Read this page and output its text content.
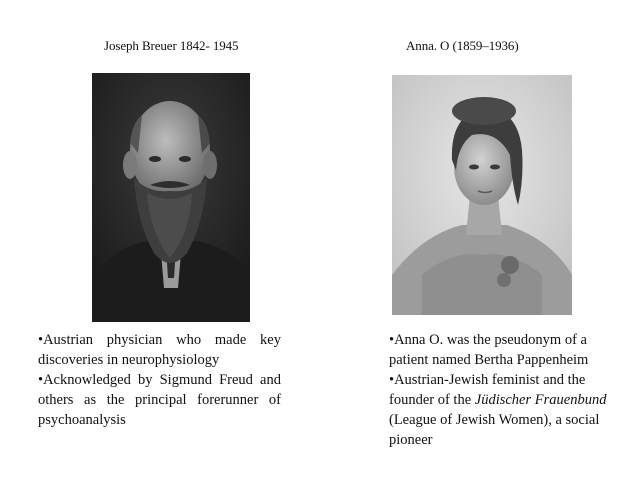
Joseph Breuer 1842- 1945	Anna. O (1859–1936)

•Austrian physician who made key discoveries in neurophysiology

•Acknowledged by Sigmund Freud and others as the principal forerunner of psychoanalysis

•Anna O. was the pseudonym of a patient named Bertha Pappenheim

•Austrian-Jewish feminist and the founder of the Jüdischer Frauenbund (League of Jewish Women), a social pioneer
